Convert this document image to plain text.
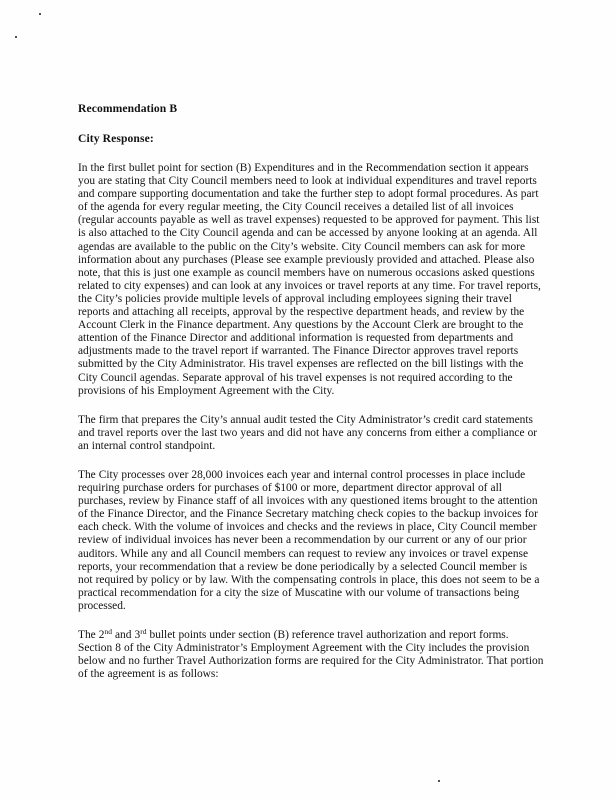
Recommendation B
City Response:

In the first bullet point for section (B) Expenditures and in the Recommendation section it appears you are stating that City Council members need to look at individual expenditures and travel reports and compare supporting documentation and take the further step to adopt formal procedures. As part of the agenda for every regular meeting, the City Council receives a detailed list of all invoices (regular accounts payable as well as travel expenses) requested to be approved for payment. This list is also attached to the City Council agenda and can be accessed by anyone looking at an agenda. All agendas are available to the public on the City’s website. City Council members can ask for more information about any purchases (Please see example previously provided and attached. Please also note, that this is just one example as council members have on numerous occasions asked questions related to city expenses) and can look at any invoices or travel reports at any time. For travel reports, the City’s policies provide multiple levels of approval including employees signing their travel reports and attaching all receipts, approval by the respective department heads, and review by the Account Clerk in the Finance department. Any questions by the Account Clerk are brought to the attention of the Finance Director and additional information is requested from departments and adjustments made to the travel report if warranted. The Finance Director approves travel reports submitted by the City Administrator. His travel expenses are reflected on the bill listings with the City Council agendas. Separate approval of his travel expenses is not required according to the provisions of his Employment Agreement with the City.

The firm that prepares the City’s annual audit tested the City Administrator’s credit card statements and travel reports over the last two years and did not have any concerns from either a compliance or an internal control standpoint.

The City processes over 28,000 invoices each year and internal control processes in place include requiring purchase orders for purchases of $100 or more, department director approval of all purchases, review by Finance staff of all invoices with any questioned items brought to the attention of the Finance Director, and the Finance Secretary matching check copies to the backup invoices for each check. With the volume of invoices and checks and the reviews in place, City Council member review of individual invoices has never been a recommendation by our current or any of our prior auditors. While any and all Council members can request to review any invoices or travel expense reports, your recommendation that a review be done periodically by a selected Council member is not required by policy or by law. With the compensating controls in place, this does not seem to be a practical recommendation for a city the size of Muscatine with our volume of transactions being processed.

The 2nd and 3rd bullet points under section (B) reference travel authorization and report forms. Section 8 of the City Administrator’s Employment Agreement with the City includes the provision below and no further Travel Authorization forms are required for the City Administrator. That portion of the agreement is as follows:
